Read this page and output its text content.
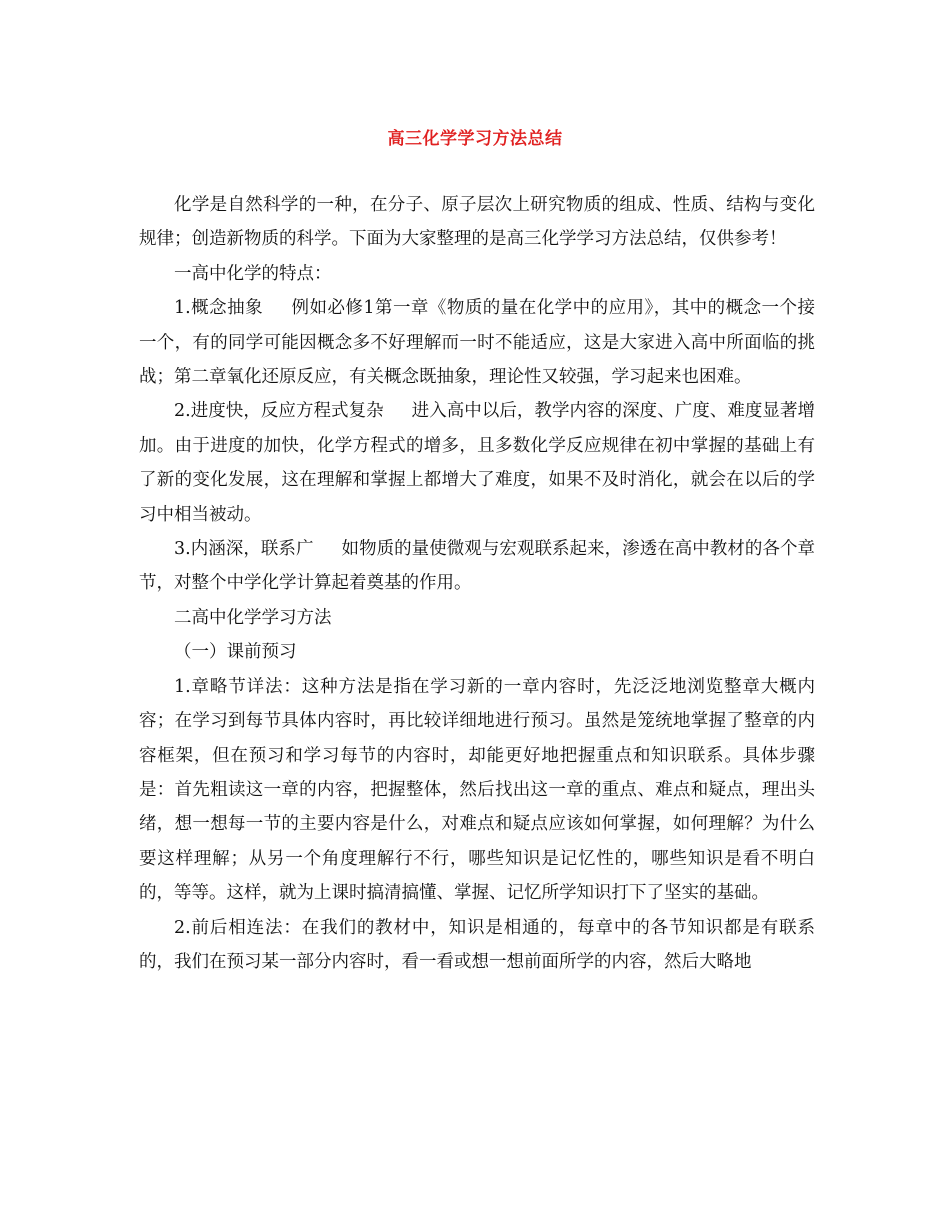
高三化学学习方法总结

化学是自然科学的一种，在分子、原子层次上研究物质的组成、性质、结构与变化规律；创造新物质的科学。下面为大家整理的是高三化学学习方法总结，仅供参考！

一高中化学的特点：

1.概念抽象 例如必修1第一章《物质的量在化学中的应用》，其中的概念一个接一个，有的同学可能因概念多不好理解而一时不能适应，这是大家进入高中所面临的挑战；第二章氧化还原反应，有关概念既抽象，理论性又较强，学习起来也困难。

2.进度快，反应方程式复杂 进入高中以后，教学内容的深度、广度、难度显著增加。由于进度的加快，化学方程式的增多，且多数化学反应规律在初中掌握的基础上有了新的变化发展，这在理解和掌握上都增大了难度，如果不及时消化，就会在以后的学习中相当被动。

3.内涵深，联系广 如物质的量使微观与宏观联系起来，渗透在高中教材的各个章节，对整个中学化学计算起着奠基的作用。

二高中化学学习方法

（一）课前预习

1.章略节详法：这种方法是指在学习新的一章内容时，先泛泛地浏览整章大概内容；在学习到每节具体内容时，再比较详细地进行预习。虽然是笼统地掌握了整章的内容框架，但在预习和学习每节的内容时，却能更好地把握重点和知识联系。具体步骤是：首先粗读这一章的内容，把握整体，然后找出这一章的重点、难点和疑点，理出头绪，想一想每一节的主要内容是什么，对难点和疑点应该如何掌握，如何理解？为什么要这样理解；从另一个角度理解行不行，哪些知识是记忆性的，哪些知识是看不明白的，等等。这样，就为上课时搞清搞懂、掌握、记忆所学知识打下了坚实的基础。

2.前后相连法：在我们的教材中，知识是相通的，每章中的各节知识都是有联系的，我们在预习某一部分内容时，看一看或想一想前面所学的内容，然后大略地
